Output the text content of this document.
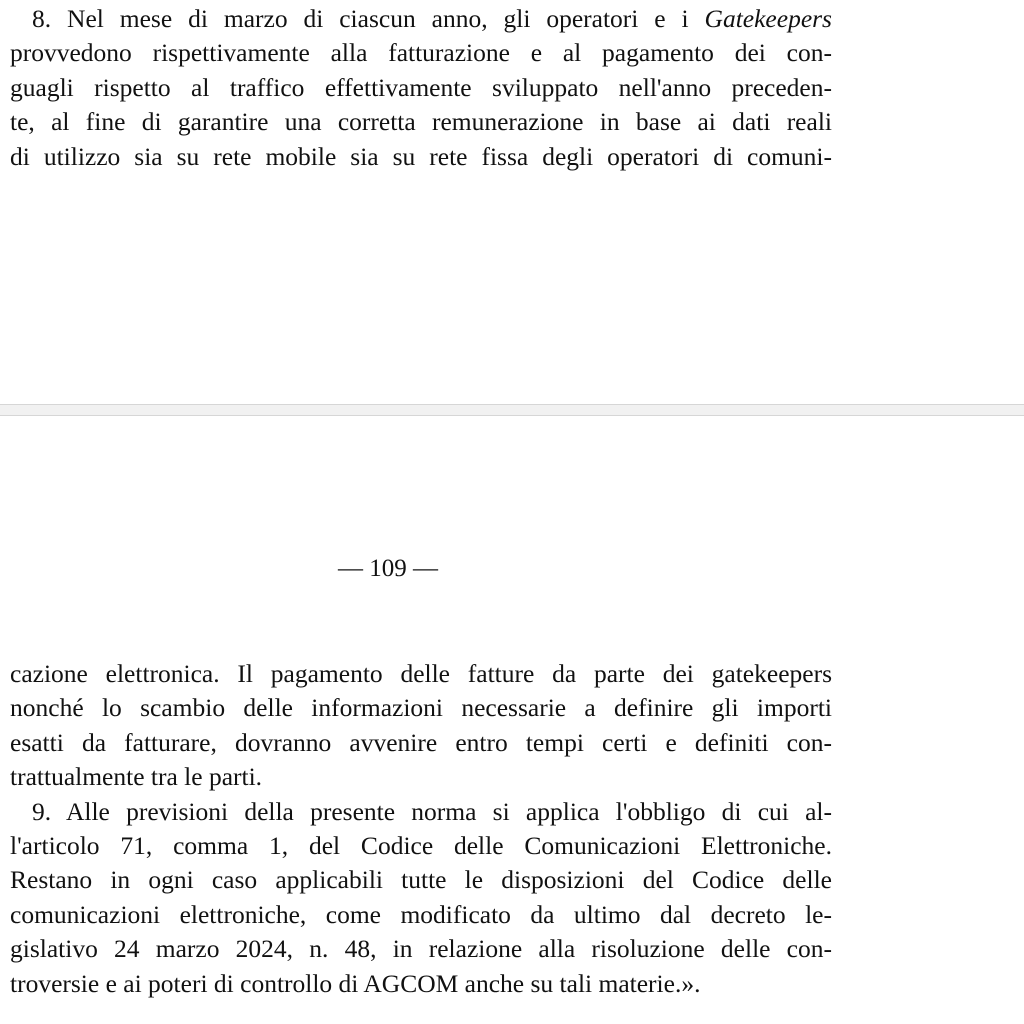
8. Nel mese di marzo di ciascun anno, gli operatori e i Gatekeepers
provvedono rispettivamente alla fatturazione e al pagamento dei con-
guagli rispetto al traffico effettivamente sviluppato nell'anno preceden-
te, al fine di garantire una corretta remunerazione in base ai dati reali
di utilizzo sia su rete mobile sia su rete fissa degli operatori di comuni-
— 109 —
cazione elettronica. Il pagamento delle fatture da parte dei gatekeepers
nonché lo scambio delle informazioni necessarie a definire gli importi
esatti da fatturare, dovranno avvenire entro tempi certi e definiti con-
trattualmente tra le parti.
9. Alle previsioni della presente norma si applica l'obbligo di cui al-
l'articolo 71, comma 1, del Codice delle Comunicazioni Elettroniche.
Restano in ogni caso applicabili tutte le disposizioni del Codice delle
comunicazioni elettroniche, come modificato da ultimo dal decreto le-
gislativo 24 marzo 2024, n. 48, in relazione alla risoluzione delle con-
troversie e ai poteri di controllo di AGCOM anche su tali materie.».
